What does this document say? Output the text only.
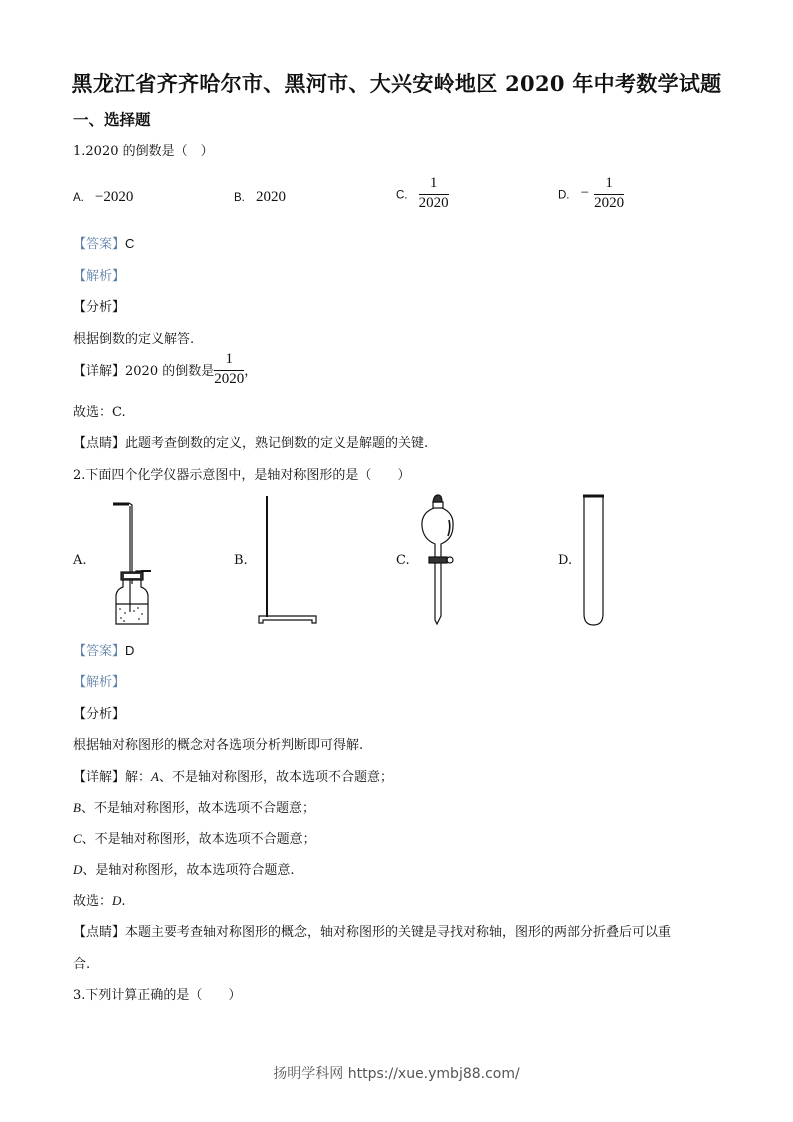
黑龙江省齐齐哈尔市、黑河市、大兴安岭地区 2020 年中考数学试题
一、选择题
1.2020 的倒数是（　）
A. −2020	B. 2020	C. $\frac{1}{2020}$	D. − $\frac{1}{2020}$
【答案】C
【解析】
【分析】
根据倒数的定义解答.
【详解】 2020 的倒数是 $\frac{1}{2020}$ ，
故选：C.
【点睛】此题考查倒数的定义，熟记倒数的定义是解题的关键.
2.下面四个化学仪器示意图中，是轴对称图形的是（　　）
A.	B.	C.	D.
【答案】D
【解析】
【分析】
根据轴对称图形的概念对各选项分析判断即可得解.
【详解】解：A、不是轴对称图形，故本选项不合题意；
B、不是轴对称图形，故本选项不合题意；
C、不是轴对称图形，故本选项不合题意；
D、是轴对称图形，故本选项符合题意.
故选：D.
【点睛】本题主要考查轴对称图形的概念，轴对称图形的关键是寻找对称轴，图形的两部分折叠后可以重
合.
3.下列计算正确的是（　　）
扬明学科网 https://xue.ymbj88.com/
